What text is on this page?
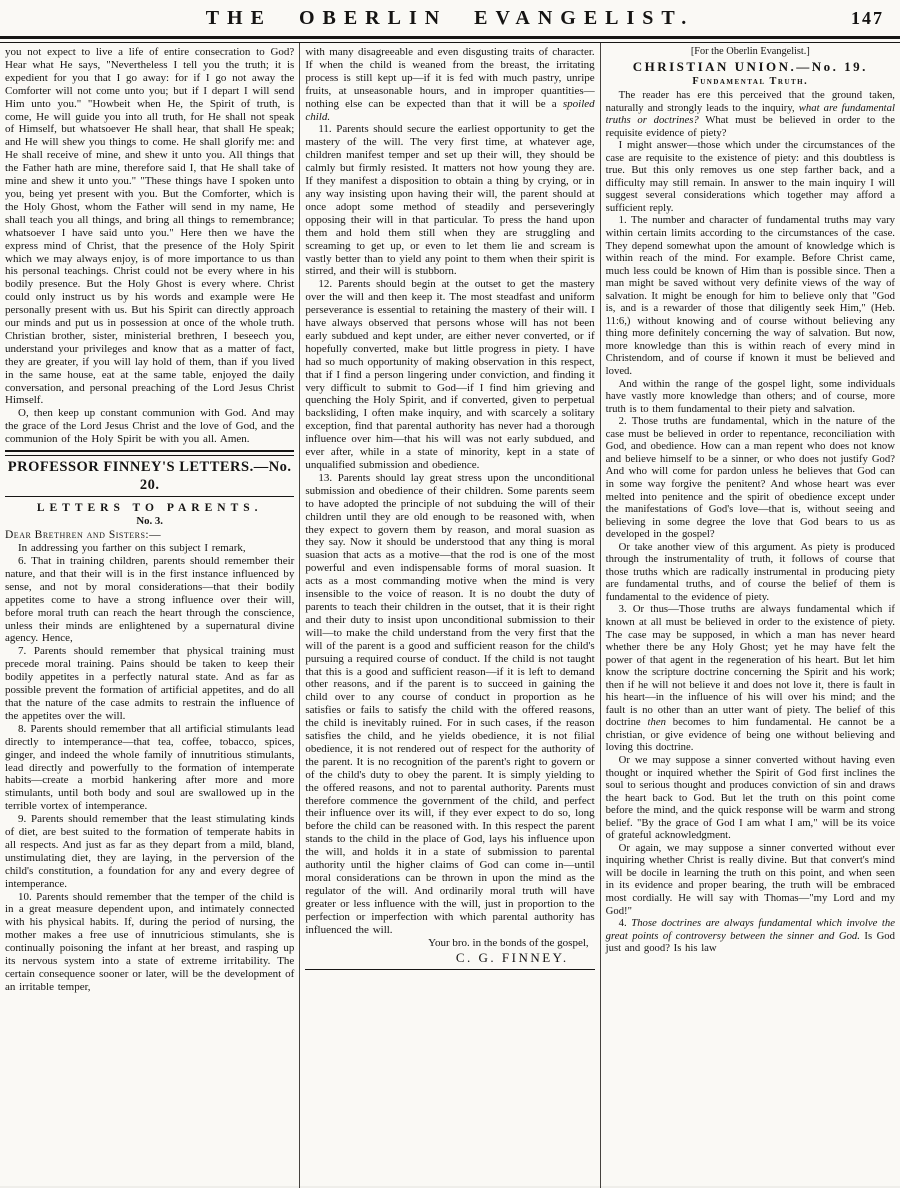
THE OBERLIN EVANGELIST.	147

you not expect to live a life of entire consecration to God? Hear what He says, "Nevertheless I tell you the truth; it is expedient for you that I go away: for if I go not away the Comforter will not come unto you; but if I depart I will send Him unto you." "Howbeit when He, the Spirit of truth, is come, He will guide you into all truth, for He shall not speak of Himself, but whatsoever He shall hear, that shall He speak; and He will shew you things to come. He shall glorify me: and He shall receive of mine, and shew it unto you. All things that the Father hath are mine, therefore said I, that He shall take of mine and shew it unto you." "These things have I spoken unto you, being yet present with you. But the Comforter, which is the Holy Ghost, whom the Father will send in my name, He shall teach you all things, and bring all things to remembrance; whatsoever I have said unto you." Here then we have the express mind of Christ, that the presence of the Holy Spirit which we may always enjoy, is of more importance to us than his personal teachings. Christ could not be every where in his bodily presence. But the Holy Ghost is every where. Christ could only instruct us by his words and example were He personally present with us. But his Spirit can directly approach our minds and put us in possession at once of the whole truth. Christian brother, sister, ministerial brethren, I beseech you, understand your privileges and know that as a matter of fact, they are greater, if you will lay hold of them, than if you lived in the same house, eat at the same table, enjoyed the daily conversation, and personal preaching of the Lord Jesus Christ Himself.

O, then keep up constant communion with God. And may the grace of the Lord Jesus Christ and the love of God, and the communion of the Holy Spirit be with you all. Amen.

PROFESSOR FINNEY'S LETTERS.—No. 20.

LETTERS TO PARENTS.

No. 3.

Dear Brethren and Sisters:—

In addressing you farther on this subject I remark,

6. That in training children, parents should remember their nature, and that their will is in the first instance influenced by sense, and not by moral considerations—that their bodily appetites come to have a strong influence over their will, before moral truth can reach the heart through the conscience, unless their minds are enlightened by a supernatural divine agency. Hence,

7. Parents should remember that physical training must precede moral training. Pains should be taken to keep their bodily appetites in a perfectly natural state. And as far as possible prevent the formation of artificial appetites, and do all that the nature of the case admits to restrain the influence of the appetites over the will.

8. Parents should remember that all artificial stimulants lead directly to intemperance—that tea, coffee, tobacco, spices, ginger, and indeed the whole family of innutritious stimulants, lead directly and powerfully to the formation of intemperate habits—create a morbid hankering after more and more stimulants, until both body and soul are swallowed up in the terrible vortex of intemperance.

9. Parents should remember that the least stimulating kinds of diet, are best suited to the formation of temperate habits in all respects. And just as far as they depart from a mild, bland, unstimulating diet, they are laying, in the perversion of the child's constitution, a foundation for any and every degree of intemperance.

10. Parents should remember that the temper of the child is in a great measure dependent upon, and intimately connected with his physical habits. If, during the period of nursing, the mother makes a free use of innutricious stimulants, she is continually poisoning the infant at her breast, and rasping up its nervous system into a state of extreme irritability. The certain consequence sooner or later, will be the development of an irritable temper,

with many disagreeable and even disgusting traits of character. If when the child is weaned from the breast, the irritating process is still kept up—if it is fed with much pastry, unripe fruits, at unseasonable hours, and in improper quantities—nothing else can be expected than that it will be a spoiled child.

11. Parents should secure the earliest opportunity to get the mastery of the will. The very first time, at whatever age, children manifest temper and set up their will, they should be calmly but firmly resisted. It matters not how young they are. If they manifest a disposition to obtain a thing by crying, or in any way insisting upon having their will, the parent should at once adopt some method of steadily and perseveringly opposing their will in that particular. To press the hand upon them and hold them still when they are struggling and screaming to get up, or even to let them lie and scream is vastly better than to yield any point to them when their spirit is stirred, and their will is stubborn.

12. Parents should begin at the outset to get the mastery over the will and then keep it. The most steadfast and uniform perseverance is essential to retaining the mastery of their will. I have always observed that persons whose will has not been early subdued and kept under, are either never converted, or if hopefully converted, make but little progress in piety. I have had so much opportunity of making observation in this respect, that if I find a person lingering under conviction, and finding it very difficult to submit to God—if I find him grieving and quenching the Holy Spirit, and if converted, given to perpetual backsliding, I often make inquiry, and with scarcely a solitary exception, find that parental authority has never had a thorough influence over him—that his will was not early subdued, and ever after, while in a state of minority, kept in a state of unqualified submission and obedience.

13. Parents should lay great stress upon the unconditional submission and obedience of their children. Some parents seem to have adopted the principle of not subduing the will of their children until they are old enough to be reasoned with, when they expect to govern them by reason, and moral suasion as they say. Now it should be understood that any thing is moral suasion that acts as a motive—that the rod is one of the most powerful and even indispensable forms of moral suasion. It acts as a most commanding motive when the mind is very insensible to the voice of reason. It is no doubt the duty of parents to teach their children in the outset, that it is their right and their duty to insist upon unconditional submission to their will—to make the child understand from the very first that the will of the parent is a good and sufficient reason for the child's pursuing a required course of conduct. If the child is not taught that this is a good and sufficient reason—if it is left to demand other reasons, and if the parent is to succeed in gaining the child over to any course of conduct in proportion as he satisfies or fails to satisfy the child with the offered reasons, the child is inevitably ruined. For in such cases, if the reason satisfies the child, and he yields obedience, it is not filial obedience, it is not rendered out of respect for the authority of the parent. It is no recognition of the parent's right to govern or of the child's duty to obey the parent. It is simply yielding to the offered reasons, and not to parental authority. Parents must therefore commence the government of the child, and perfect their influence over its will, if they ever expect to do so, long before the child can be reasoned with. In this respect the parent stands to the child in the place of God, lays his influence upon the will, and holds it in a state of submission to parental authority until the higher claims of God can come in—until moral considerations can be thrown in upon the mind as the regulator of the will. And ordinarily moral truth will have greater or less influence with the will, just in proportion to the perfection or imperfection with which parental authority has influenced the will.

Your bro. in the bonds of the gospel,

C. G. FINNEY.

[For the Oberlin Evangelist.]

CHRISTIAN UNION.—No. 19.

Fundamental Truth.

The reader has ere this perceived that the ground taken, naturally and strongly leads to the inquiry, what are fundamental truths or doctrines? What must be believed in order to the requisite evidence of piety?

I might answer—those which under the circumstances of the case are requisite to the existence of piety: and this doubtless is true. But this only removes us one step farther back, and a difficulty may still remain. In answer to the main inquiry I will suggest several considerations which together may afford a sufficient reply.

1. The number and character of fundamental truths may vary within certain limits according to the circumstances of the case. They depend somewhat upon the amount of knowledge which is within reach of the mind. For example. Before Christ came, much less could be known of Him than is possible since. Then a man might be saved without very definite views of the way of salvation. It might be enough for him to believe only that "God is, and is a rewarder of those that diligently seek Him," (Heb. 11:6,) without knowing and of course without believing any thing more definitely concerning the way of salvation. But now, more knowledge than this is within reach of every mind in Christendom, and of course if known it must be believed and loved.

And within the range of the gospel light, some individuals have vastly more knowledge than others; and of course, more truth is to them fundamental to their piety and salvation.

2. Those truths are fundamental, which in the nature of the case must be believed in order to repentance, reconciliation with God, and obedience. How can a man repent who does not know and believe himself to be a sinner, or who does not justify God? And who will come for pardon unless he believes that God can in some way forgive the penitent? And whose heart was ever melted into penitence and the spirit of obedience except under the manifestations of God's love—that is, without seeing and believing in some degree the love that God bears to us as developed in the gospel?

Or take another view of this argument. As piety is produced through the instrumentality of truth, it follows of course that those truths which are radically instrumental in producing piety are fundamental truths, and of course the belief of them is fundamental to the evidence of piety.

3. Or thus—Those truths are always fundamental which if known at all must be believed in order to the existence of piety. The case may be supposed, in which a man has never heard whether there be any Holy Ghost; yet he may have felt the power of that agent in the regeneration of his heart. But let him know the scripture doctrine concerning the Spirit and his work; then if he will not believe it and does not love it, there is fault in his heart—in the influence of his will over his mind; and the fault is no other than an utter want of piety. The belief of this doctrine then becomes to him fundamental. He cannot be a christian, or give evidence of being one without believing and loving this doctrine.

Or we may suppose a sinner converted without having even thought or inquired whether the Spirit of God first inclines the soul to serious thought and produces conviction of sin and draws the heart back to God. But let the truth on this point come before the mind, and the quick response will be warm and strong belief. "By the grace of God I am what I am," will be its voice of grateful acknowledgment.

Or again, we may suppose a sinner converted without ever inquiring whether Christ is really divine. But that convert's mind will be docile in learning the truth on this point, and when seen in its evidence and proper bearing, the truth will be embraced most cordially. He will say with Thomas—"my Lord and my God!"

4. Those doctrines are always fundamental which involve the great points of controversy between the sinner and God. Is God just and good? Is his law
